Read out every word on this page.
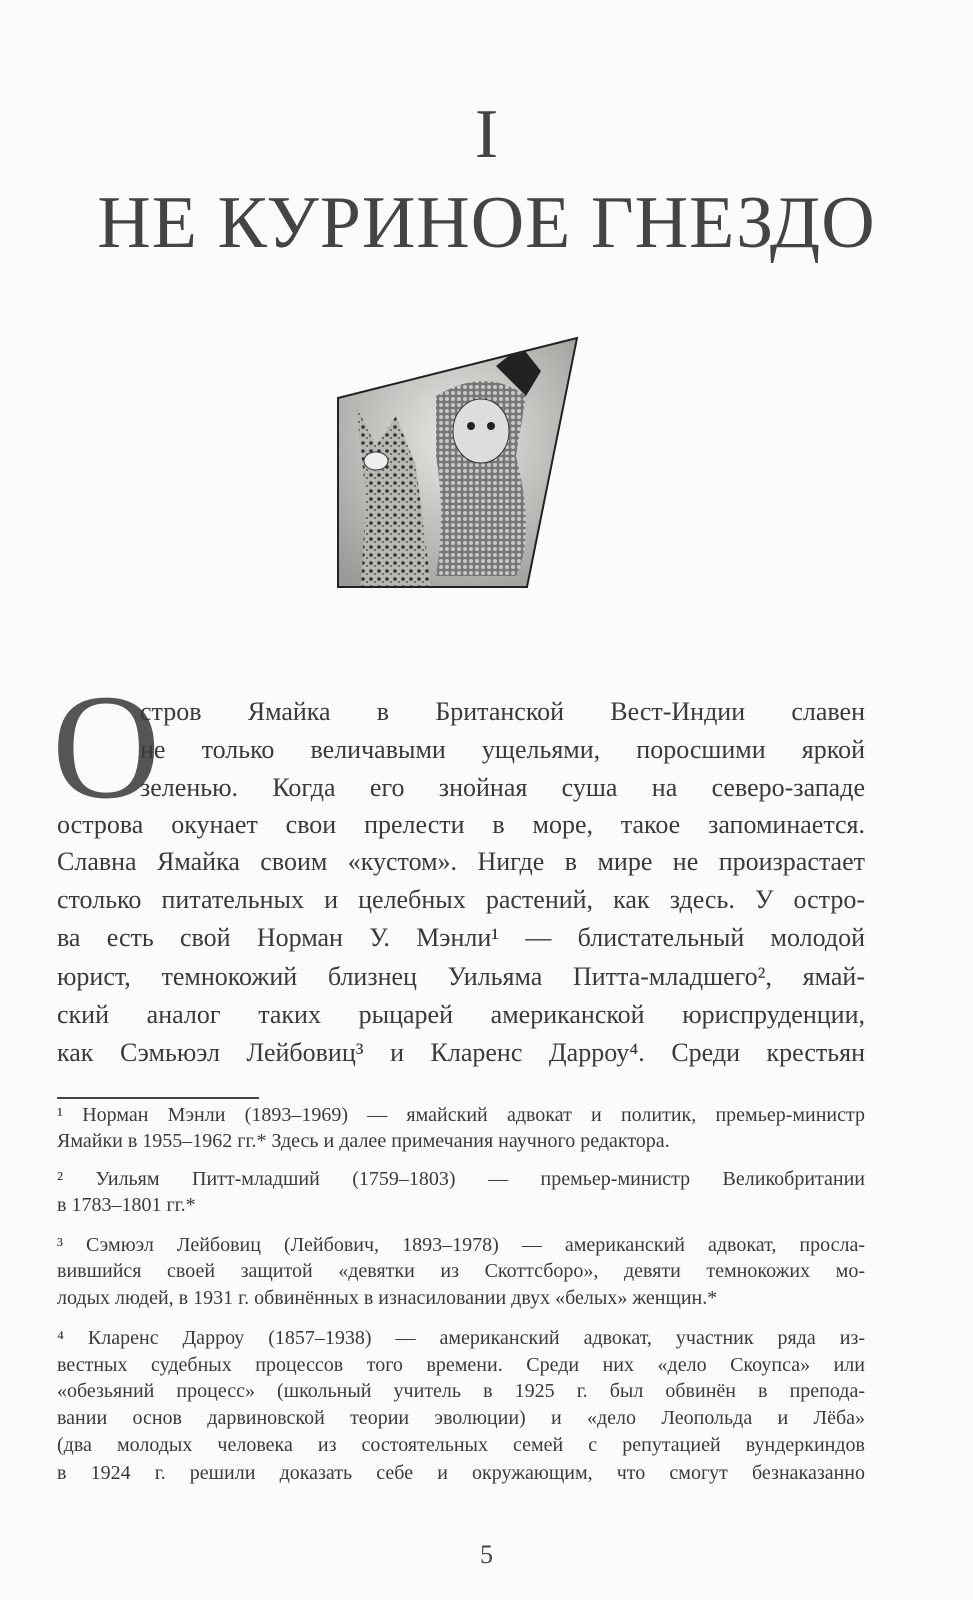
I
НЕ КУРИНОЕ ГНЕЗДО
О
стров Ямайка в Британской Вест-Индии славен
не только величавыми ущельями, поросшими яркой
зеленью. Когда его знойная суша на северо-западе
острова окунает свои прелести в море, такое запоминается.
Славна Ямайка своим «кустом». Нигде в мире не произрастает
столько питательных и целебных растений, как здесь. У остро-
ва есть свой Норман У. Мэнли¹ — блистательный молодой
юрист, темнокожий близнец Уильяма Питта-младшего², ямай-
ский аналог таких рыцарей американской юриспруденции,
как Сэмьюэл Лейбовиц³ и Кларенс Дарроу⁴. Среди крестьян
¹ Норман Мэнли (1893–1969) — ямайский адвокат и политик, премьер-министр
Ямайки в 1955–1962 гг.* Здесь и далее примечания научного редактора.
² Уильям Питт-младший (1759–1803) — премьер-министр Великобритании
в 1783–1801 гг.*
³ Сэмюэл Лейбовиц (Лейбович, 1893–1978) — американский адвокат, просла-
вившийся своей защитой «девятки из Скоттсборо», девяти темнокожих мо-
лодых людей, в 1931 г. обвинённых в изнасиловании двух «белых» женщин.*
⁴ Кларенс Дарроу (1857–1938) — американский адвокат, участник ряда из-
вестных судебных процессов того времени. Среди них «дело Скоупса» или
«обезьяний процесс» (школьный учитель в 1925 г. был обвинён в препода-
вании основ дарвиновской теории эволюции) и «дело Леопольда и Лёба»
(два молодых человека из состоятельных семей с репутацией вундеркиндов
в 1924 г. решили доказать себе и окружающим, что смогут безнаказанно
5
